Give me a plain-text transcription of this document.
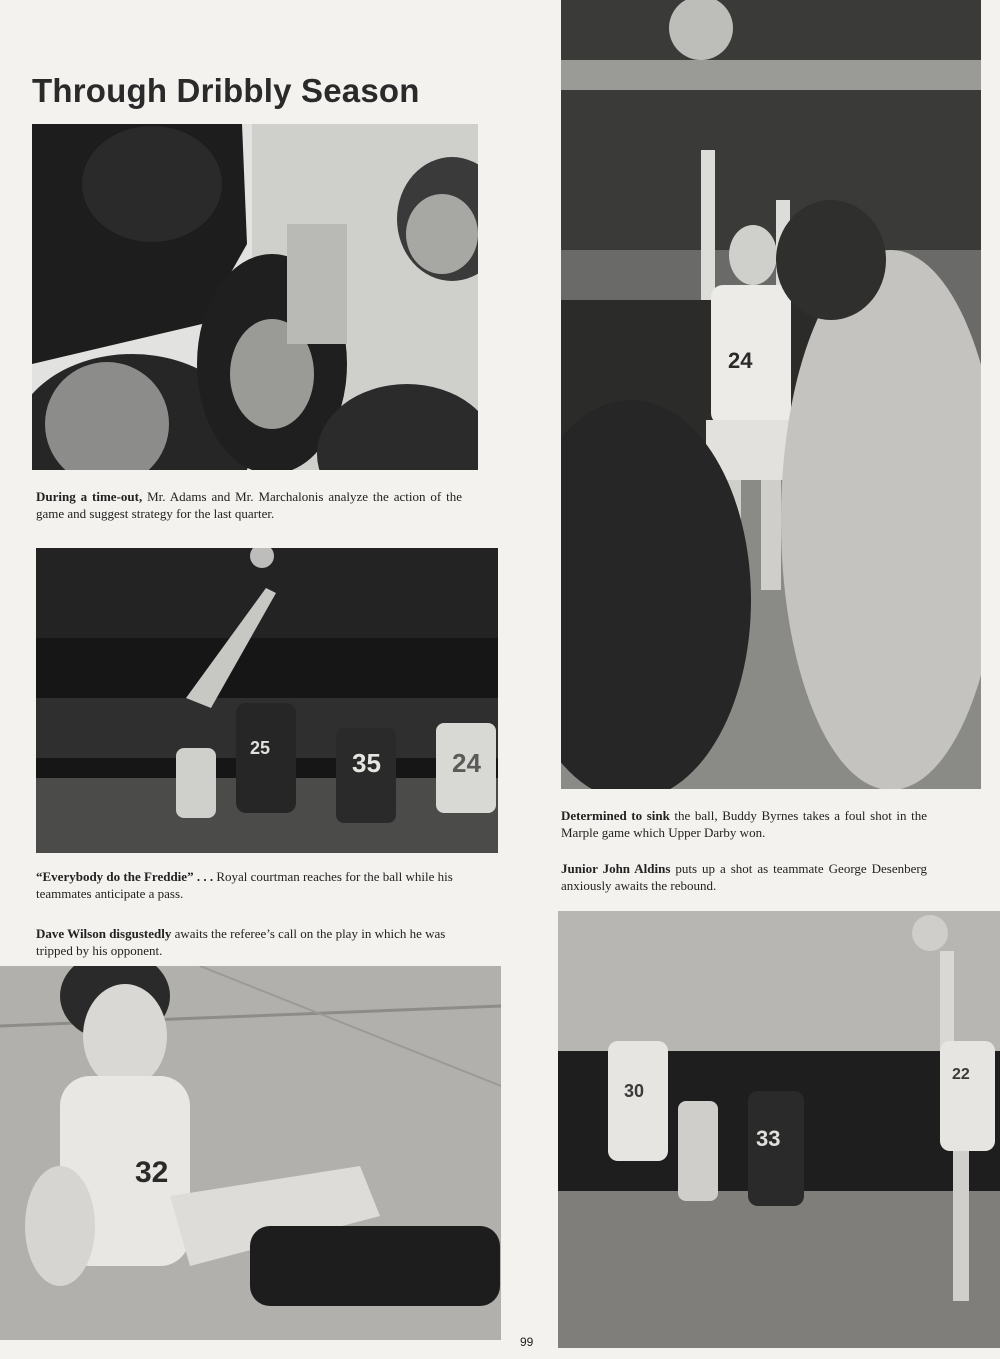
Through Dribbly Season
During a time-out, Mr. Adams and Mr. Marchalonis analyze the action of the game and suggest strategy for the last quarter.
25	35	24
“Everybody do the Freddie” . . . Royal courtman reaches for the ball while his teammates anticipate a pass.
Dave Wilson disgustedly awaits the referee’s call on the play in which he was tripped by his opponent.
32
24
Determined to sink the ball, Buddy Byrnes takes a foul shot in the Marple game which Upper Darby won.
Junior John Aldins puts up a shot as teammate George Desenberg anxiously awaits the rebound.
22
30
33
99
